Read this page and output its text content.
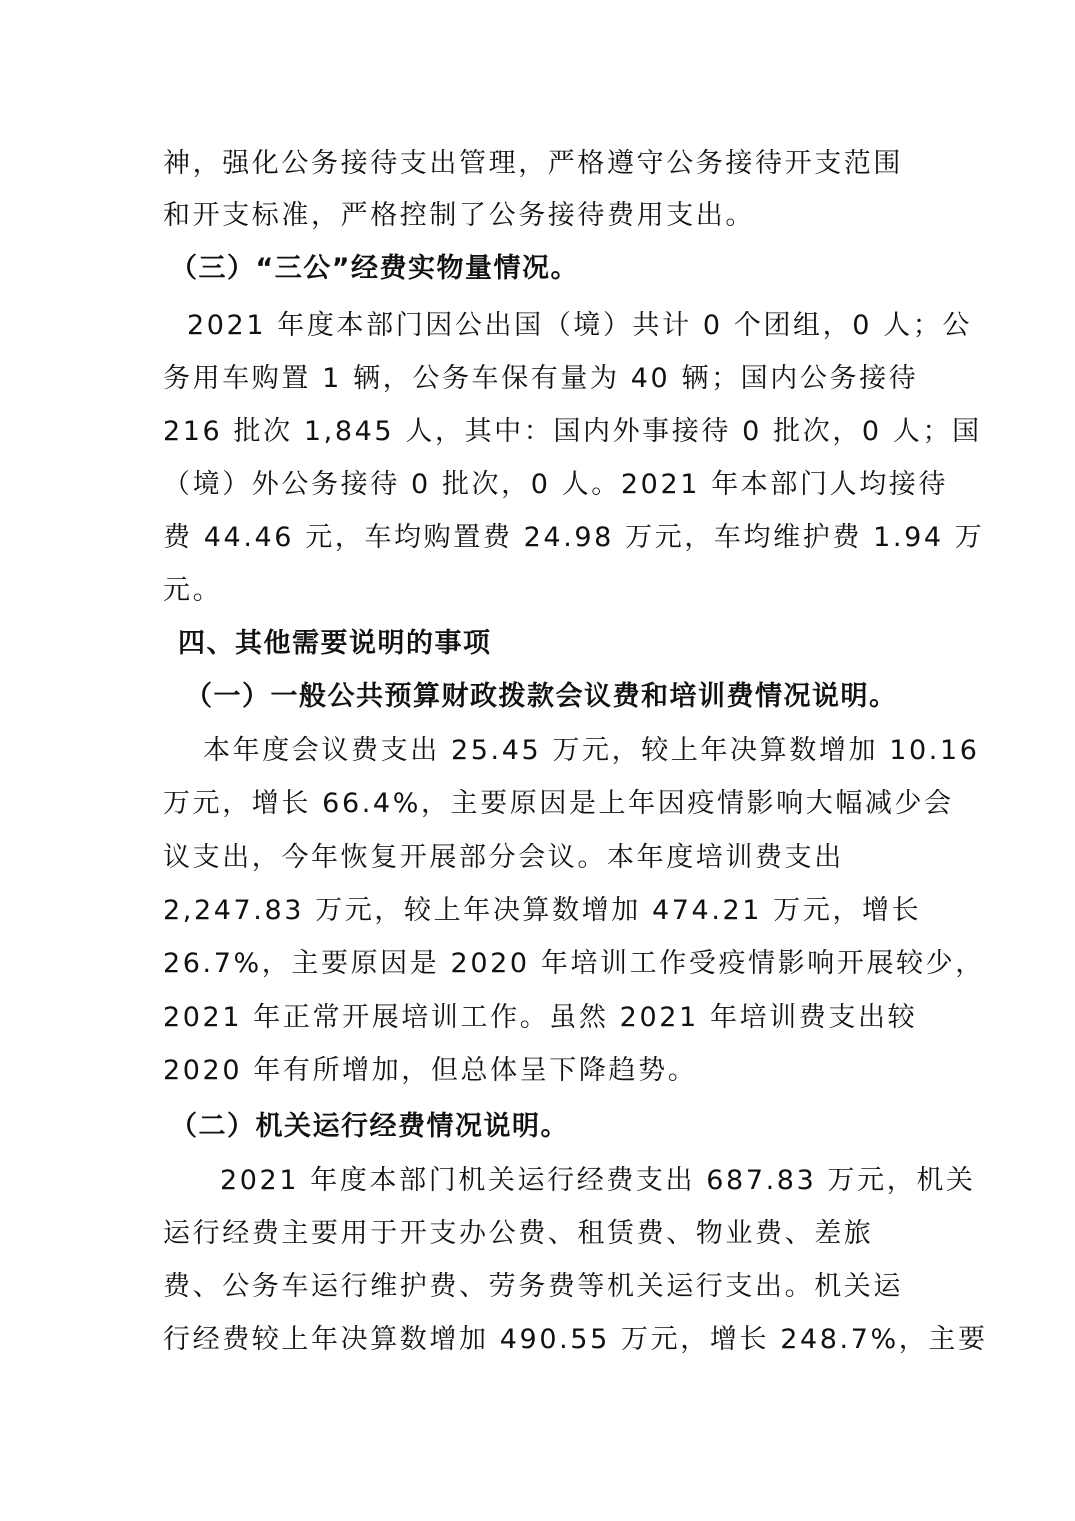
神，强化公务接待支出管理，严格遵守公务接待开支范围
和开支标准，严格控制了公务接待费用支出。
（三）“三公”经费实物量情况。
2021 年度本部门因公出国（境）共计 0 个团组，0 人；公
务用车购置 1 辆，公务车保有量为 40 辆；国内公务接待
216 批次 1,845 人，其中：国内外事接待 0 批次，0 人；国
（境）外公务接待 0 批次，0 人。2021 年本部门人均接待
费 44.46 元，车均购置费 24.98 万元，车均维护费 1.94 万
元。
四、其他需要说明的事项
（一）一般公共预算财政拨款会议费和培训费情况说明。
本年度会议费支出 25.45 万元，较上年决算数增加 10.16
万元，增长 66.4%，主要原因是上年因疫情影响大幅减少会
议支出，今年恢复开展部分会议。本年度培训费支出
2,247.83 万元，较上年决算数增加 474.21 万元，增长
26.7%，主要原因是 2020 年培训工作受疫情影响开展较少，
2021 年正常开展培训工作。虽然 2021 年培训费支出较
2020 年有所增加，但总体呈下降趋势。
（二）机关运行经费情况说明。
2021 年度本部门机关运行经费支出 687.83 万元，机关
运行经费主要用于开支办公费、租赁费、物业费、差旅
费、公务车运行维护费、劳务费等机关运行支出。机关运
行经费较上年决算数增加 490.55 万元，增长 248.7%，主要
